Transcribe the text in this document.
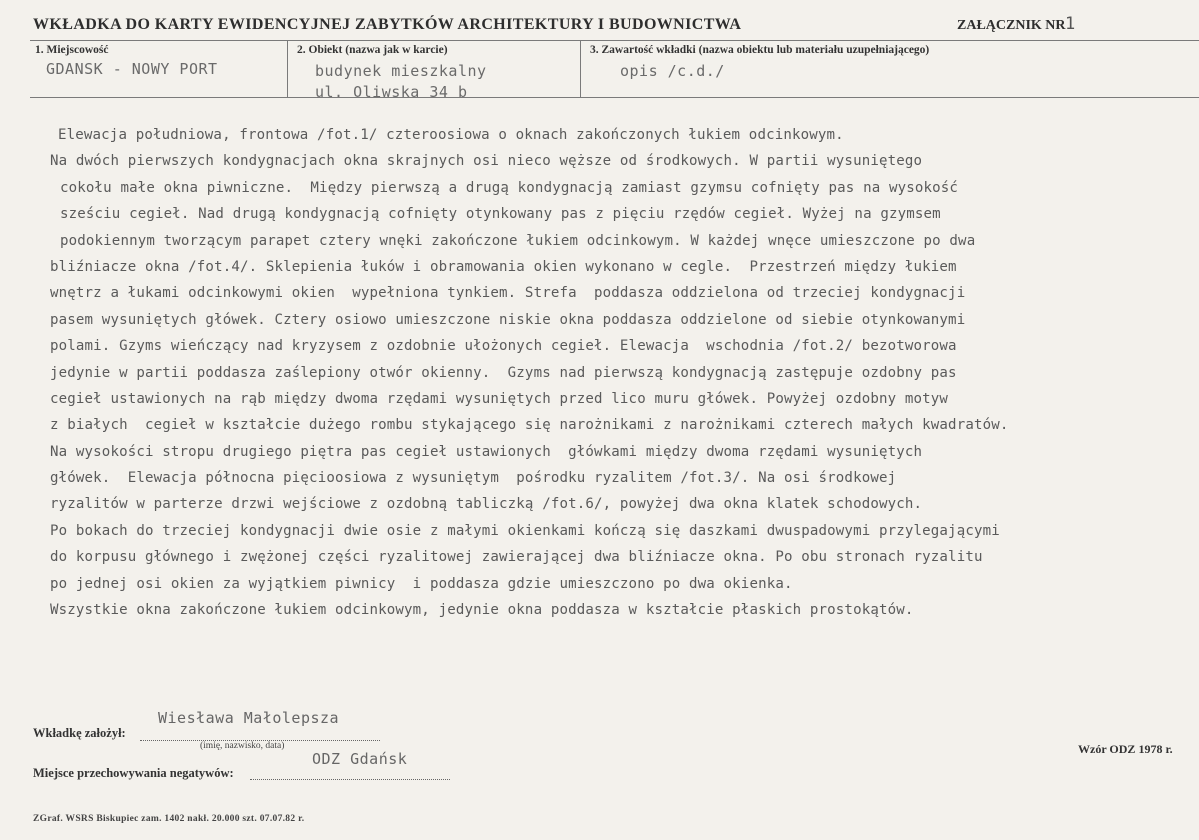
WKŁADKA DO KARTY EWIDENCYJNEJ ZABYTKÓW ARCHITEKTURY I BUDOWNICTWA	ZAŁĄCZNIK NR 1
1. Miejscowość
GDANSK - NOWY PORT
2. Obiekt (nazwa jak w karcie)
budynek mieszkalny
ul. Oliwska 34 b
3. Zawartość wkładki (nazwa obiektu lub materiału uzupełniającego)
opis /c.d./
Elewacja południowa, frontowa /fot.1/ czteroosiowa o oknach zakończonych łukiem odcinkowym.
Na dwóch pierwszych kondygnacjach okna skrajnych osi nieco węższe od środkowych. W partii wysuniętego
cokołu małe okna piwniczne.  Między pierwszą a drugą kondygnacją zamiast gzymsu cofnięty pas na wysokość
sześciu cegieł. Nad drugą kondygnacją cofnięty otynkowany pas z pięciu rzędów cegieł. Wyżej na gzymsem
podokiennym tworzącym parapet cztery wnęki zakończone łukiem odcinkowym. W każdej wnęce umieszczone po dwa
bliźniacze okna /fot.4/. Sklepienia łuków i obramowania okien wykonano w cegle.  Przestrzeń między łukiem
wnętrz a łukami odcinkowymi okien  wypełniona tynkiem. Strefa  poddasza oddzielona od trzeciej kondygnacji
pasem wysuniętych główek. Cztery osiowo umieszczone niskie okna poddasza oddzielone od siebie otynkowanymi
polami. Gzyms wieńczący nad kryzysem z ozdobnie ułożonych cegieł. Elewacja  wschodnia /fot.2/ bezotworowa
jedynie w partii poddasza zaślepiony otwór okienny.  Gzyms nad pierwszą kondygnacją zastępuje ozdobny pas
cegieł ustawionych na rąb między dwoma rzędami wysuniętych przed lico muru główek. Powyżej ozdobny motyw
z białych  cegieł w kształcie dużego rombu stykającego się narożnikami z narożnikami czterech małych kwadratów.
Na wysokości stropu drugiego piętra pas cegieł ustawionych  główkami między dwoma rzędami wysuniętych
główek.  Elewacja północna pięcioosiowa z wysuniętym  pośrodku ryzalitem /fot.3/. Na osi środkowej
ryzalitów w parterze drzwi wejściowe z ozdobną tabliczką /fot.6/, powyżej dwa okna klatek schodowych.
Po bokach do trzeciej kondygnacji dwie osie z małymi okienkami kończą się daszkami dwuspadowymi przylegającymi
do korpusu głównego i zwężonej części ryzalitowej zawierającej dwa bliźniacze okna. Po obu stronach ryzalitu
po jednej osi okien za wyjątkiem piwnicy  i poddasza gdzie umieszczono po dwa okienka.
Wszystkie okna zakończone łukiem odcinkowym, jedynie okna poddasza w kształcie płaskich prostokątów.
Wiesława Małolepsza
Wkładkę założył:
(imię, nazwisko, data)
ODZ Gdańsk
Miejsce przechowywania negatywów:
Wzór ODZ 1978 r.
ZGraf. WSRS Biskupiec zam. 1402 nakł. 20.000 szt. 07.07.82 r.
